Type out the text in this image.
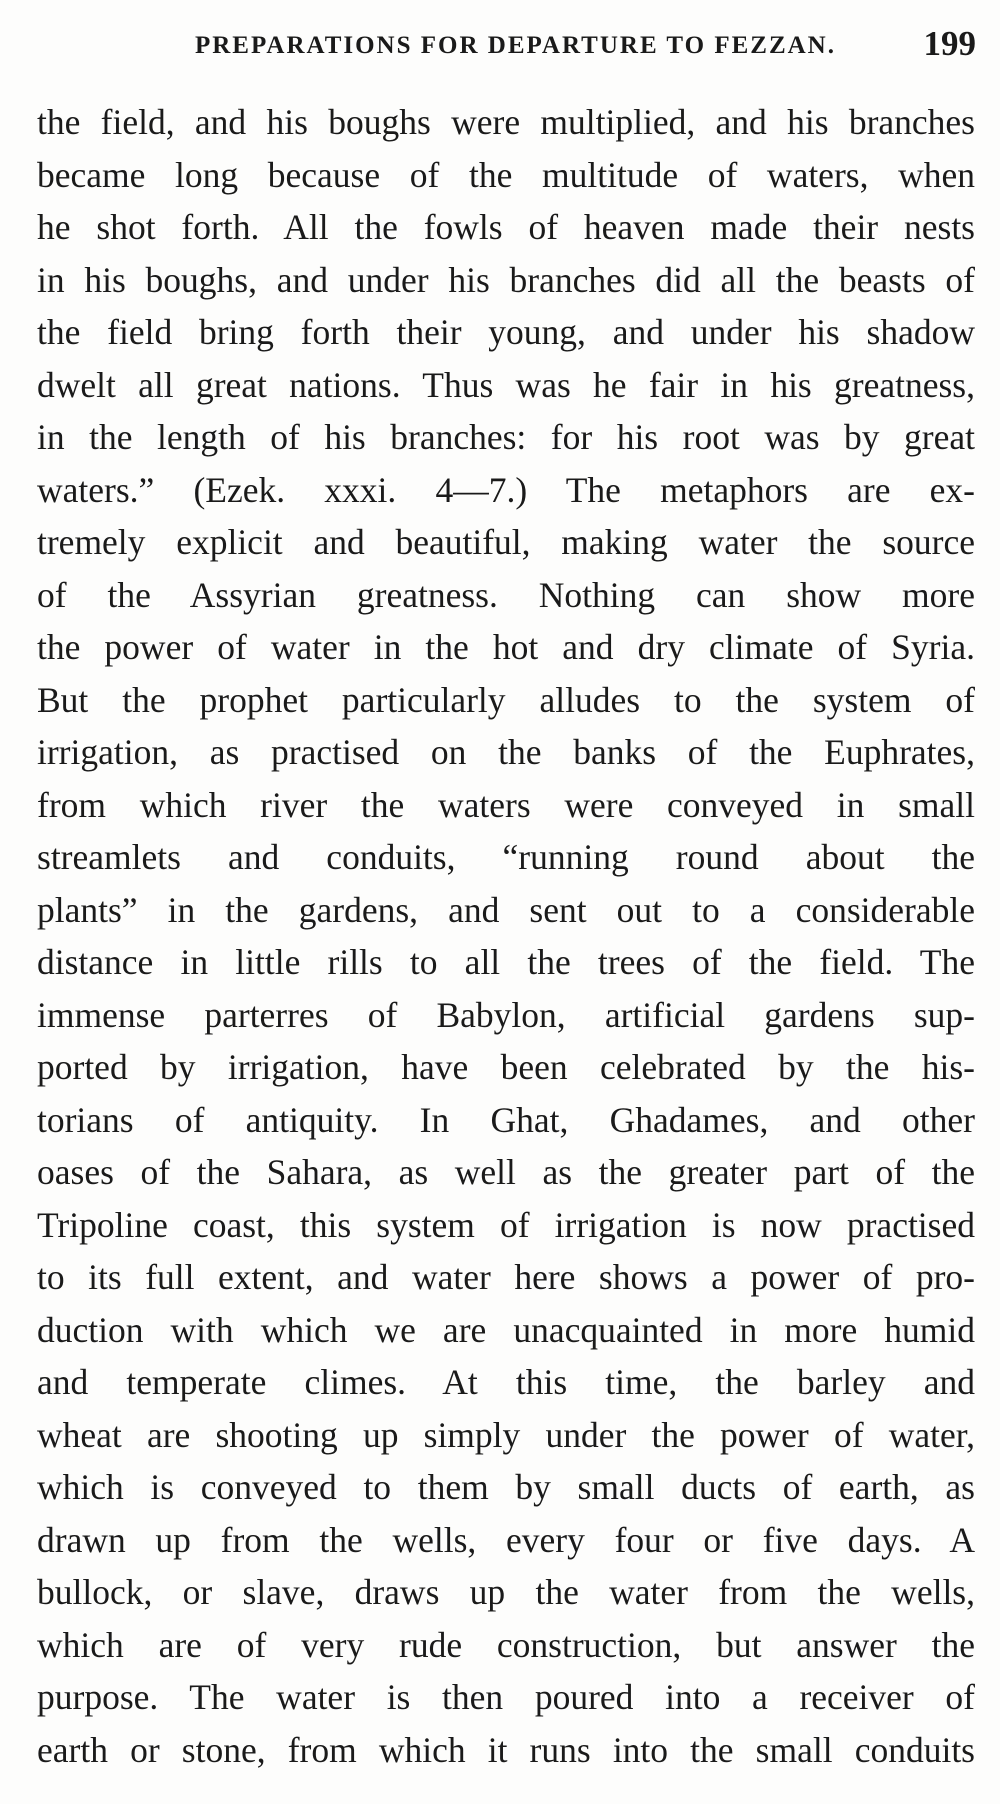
PREPARATIONS FOR DEPARTURE TO FEZZAN.	199
the field, and his boughs were multiplied, and his branches
became long because of the multitude of waters, when
he shot forth. All the fowls of heaven made their nests
in his boughs, and under his branches did all the beasts of
the field bring forth their young, and under his shadow
dwelt all great nations. Thus was he fair in his greatness,
in the length of his branches: for his root was by great
waters.” (Ezek. xxxi. 4—7.) The metaphors are ex-
tremely explicit and beautiful, making water the source
of the Assyrian greatness. Nothing can show more
the power of water in the hot and dry climate of Syria.
But the prophet particularly alludes to the system of
irrigation, as practised on the banks of the Euphrates,
from which river the waters were conveyed in small
streamlets and conduits, “running round about the
plants” in the gardens, and sent out to a considerable
distance in little rills to all the trees of the field. The
immense parterres of Babylon, artificial gardens sup-
ported by irrigation, have been celebrated by the his-
torians of antiquity. In Ghat, Ghadames, and other
oases of the Sahara, as well as the greater part of the
Tripoline coast, this system of irrigation is now practised
to its full extent, and water here shows a power of pro-
duction with which we are unacquainted in more humid
and temperate climes. At this time, the barley and
wheat are shooting up simply under the power of water,
which is conveyed to them by small ducts of earth, as
drawn up from the wells, every four or five days. A
bullock, or slave, draws up the water from the wells,
which are of very rude construction, but answer the
purpose. The water is then poured into a receiver of
earth or stone, from which it runs into the small conduits
